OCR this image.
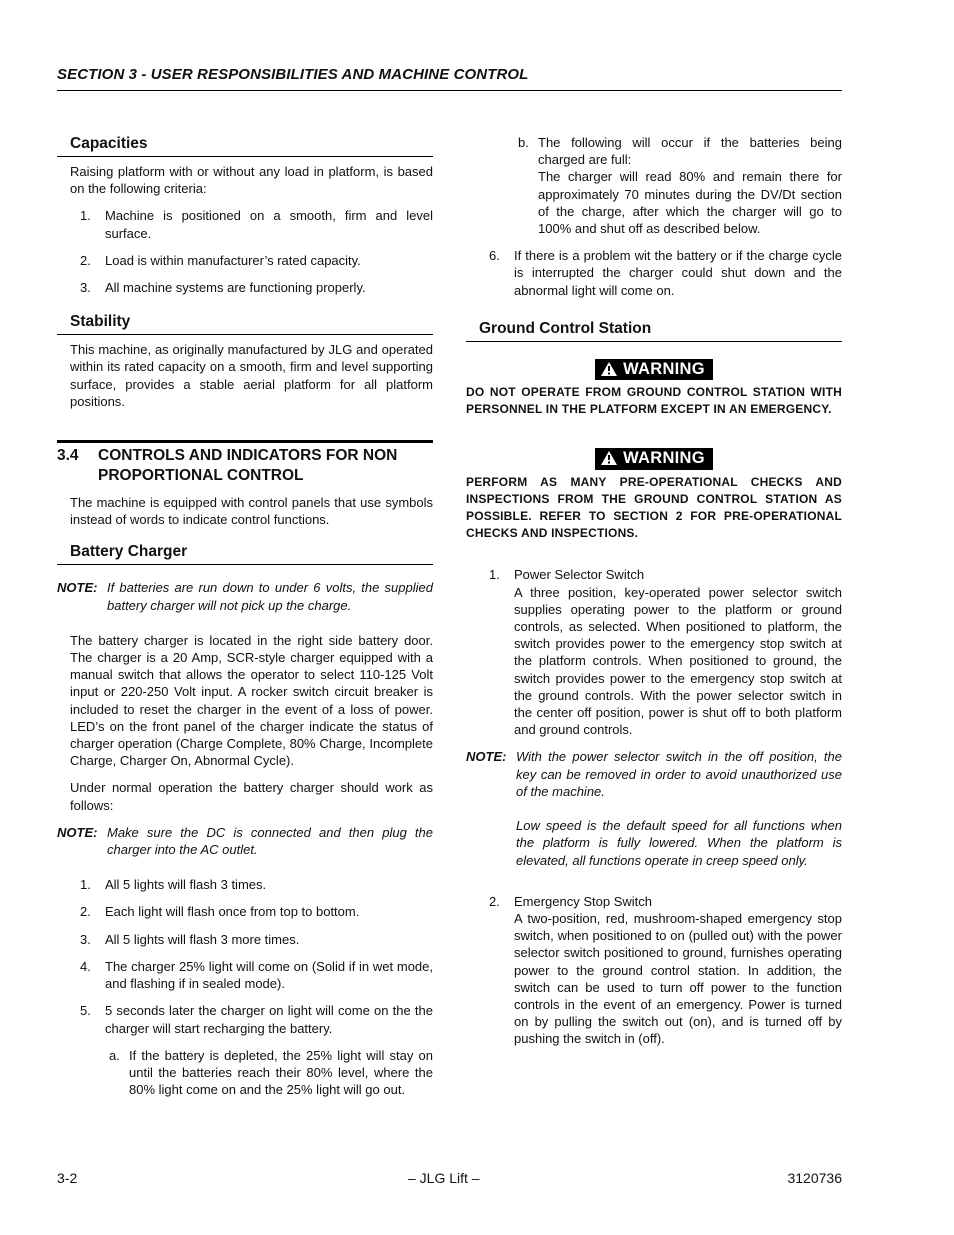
SECTION 3 - USER RESPONSIBILITIES AND MACHINE CONTROL
Capacities

Raising platform with or without any load in platform, is based on the following criteria:

1. Machine is positioned on a smooth, firm and level surface.
2. Load is within manufacturer’s rated capacity.
3. All machine systems are functioning properly.
Stability

This machine, as originally manufactured by JLG and operated within its rated capacity on a smooth, firm and level supporting surface, provides a stable aerial platform for all platform positions.

3.4 CONTROLS AND INDICATORS FOR NON PROPORTIONAL CONTROL

The machine is equipped with control panels that use symbols instead of words to indicate control functions.

Battery Charger
NOTE: If batteries are run down to under 6 volts, the supplied battery charger will not pick up the charge.

The battery charger is located in the right side battery door. The charger is a 20 Amp, SCR-style charger equipped with a manual switch that allows the operator to select 110-125 Volt input or 220-250 Volt input. A rocker switch circuit breaker is included to reset the charger in the event of a loss of power. LED’s on the front panel of the charger indicate the status of charger operation (Charge Complete, 80% Charge, Incomplete Charge, Charger On, Abnormal Cycle).

Under normal operation the battery charger should work as follows:

NOTE: Make sure the DC is connected and then plug the charger into the AC outlet.
1. All 5 lights will flash 3 times.
2. Each light will flash once from top to bottom.
3. All 5 lights will flash 3 more times.
4. The charger 25% light will come on (Solid if in wet mode, and flashing if in sealed mode).
5. 5 seconds later the charger on light will come on the the charger will start recharging the battery.
a. If the battery is depleted, the 25% light will stay on until the batteries reach their 80% level, where the 80% light come on and the 25% light will go out.
b. The following will occur if the batteries being charged are full:
The charger will read 80% and remain there for approximately 70 minutes during the DV/Dt section of the charge, after which the charger will go to 100% and shut off as described below.
6. If there is a problem wit the battery or if the charge cycle is interrupted the charger could shut down and the abnormal light will come on.
Ground Control Station
WARNING

DO NOT OPERATE FROM GROUND CONTROL STATION WITH PERSONNEL IN THE PLATFORM EXCEPT IN AN EMERGENCY.

WARNING

PERFORM AS MANY PRE-OPERATIONAL CHECKS AND INSPECTIONS FROM THE GROUND CONTROL STATION AS POSSIBLE. REFER TO SECTION 2 FOR PRE-OPERATIONAL CHECKS AND INSPECTIONS.

1. Power Selector Switch
A three position, key-operated power selector switch supplies operating power to the platform or ground controls, as selected. When positioned to platform, the switch provides power to the emergency stop switch at the platform controls. When positioned to ground, the switch provides power to the emergency stop switch at the ground controls. With the power selector switch in the center off position, power is shut off to both platform and ground controls.
NOTE: With the power selector switch in the off position, the key can be removed in order to avoid unauthorized use of the machine.
Low speed is the default speed for all functions when the platform is fully lowered. When the platform is elevated, all functions operate in creep speed only.
2. Emergency Stop Switch
A two-position, red, mushroom-shaped emergency stop switch, when positioned to on (pulled out) with the power selector switch positioned to ground, furnishes operating power to the ground control station. In addition, the switch can be used to turn off power to the function controls in the event of an emergency. Power is turned on by pulling the switch out (on), and is turned off by pushing the switch in (off).
3-2	– JLG Lift –	3120736
